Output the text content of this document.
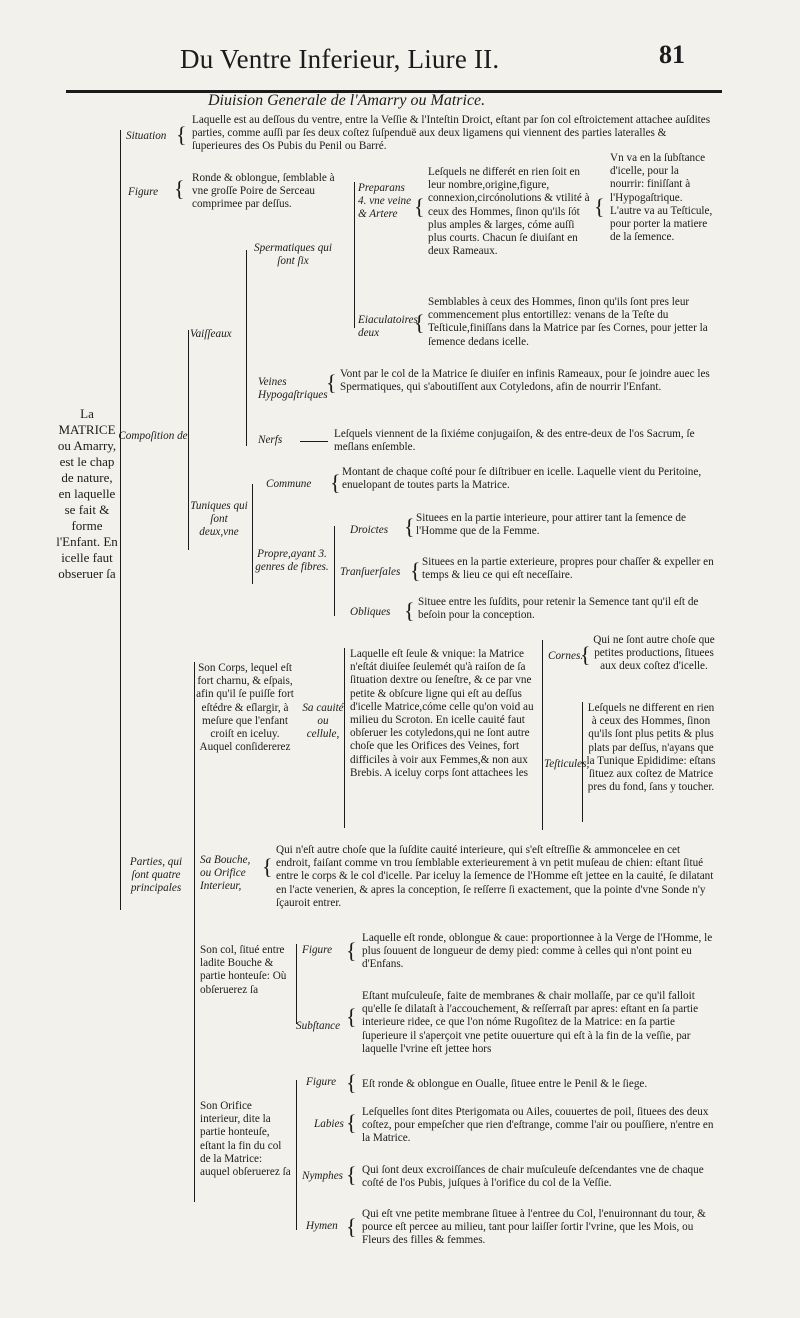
Du Ventre Inferieur, Liure II.	81
Diuision Generale de l'Amarry ou Matrice.
La MATRICE ou Amarry, est le chap de nature, en laquelle se fait & forme l'Enfant. En icelle faut obseruer ſa
Situation {
Laquelle est au deſſous du ventre, entre la Veſſie & l'Inteſtin Droict, eſtant par ſon col eſtroictement attachee auſdites parties, comme auſſi par ſes deux coſtez ſuſpenduë aux deux ligamens qui viennent des parties lateralles & ſuperieures des Os Pubis du Penil ou Barré.
Figure { Ronde & oblongue, ſemblable à vne groſſe Poire de Serceau comprimee par deſſus.
Compoſition de
Vaiſſeaux
Spermatiques qui ſont ſix
Preparans 4. vne veine & Artere {
Leſquels ne differét en rien ſoit en leur nombre,origine,figure, connexion,circónolutions & vtilité à ceux des Hommes, ſinon qu'ils ſót plus amples & larges, cóme auſſi plus courts. Chacun ſe diuiſant en deux Rameaux.
{
Vn va en la ſubſtance d'icelle, pour la nourrir: finiſſant à l'Hypogaſtrique. L'autre va au Teſticule, pour porter la matiere de la ſemence.
Eiaculatoires deux	{
Semblables à ceux des Hommes, ſinon qu'ils ſont pres leur commencement plus entortillez: venans de la Teſte du Teſticule,finiſſans dans la Matrice par ſes Cornes, pour jetter la ſemence dedans icelle.
Veines Hypogaſtriques
{ Vont par le col de la Matrice ſe diuiſer en infinis Rameaux, pour ſe joindre auec les Spermatiques, qui s'aboutiſſent aux Cotyledons, afin de nourrir l'Enfant.
Nerfs	Leſquels viennent de la ſixiéme conjugaiſon, & des entre-deux de l'os Sacrum, ſe meſlans enſemble.
Tuniques qui ſont deux,vne
Commune { Montant de chaque coſté pour ſe diſtribuer en icelle. Laquelle vient du Peritoine, enuelopant de toutes parts la Matrice.
Propre,ayant 3. genres de fibres.
Droictes { Situees en la partie interieure, pour attirer tant la ſemence de l'Homme que de la Femme.
Tranſuerſales { Situees en la partie exterieure, propres pour chaſſer & expeller en temps & lieu ce qui eſt neceſſaire.
Obliques { Situee entre les ſuſdits, pour retenir la Semence tant qu'il eſt de beſoin pour la conception.
Parties, qui ſont quatre principales
Son Corps, lequel eſt fort charnu, & eſpais, afin qu'il ſe puiſſe fort eſtédre & eſlargir, à meſure que l'enfant croiſt en iceluy. Auquel conſidererez
Sa cauité ou cellule,
Laquelle eſt ſeule & vnique: la Matrice n'eſtát diuiſee ſeulemét qu'à raiſon de ſa ſituation dextre ou ſeneſtre, & ce par vne petite & obſcure ligne qui eſt au deſſus d'icelle Matrice,cóme celle qu'on void au milieu du Scroton. En icelle cauité faut obſeruer les cotyledons,qui ne ſont autre choſe que les Orifices des Veines, fort difficiles à voir aux Femmes,& non aux Brebis. A iceluy corps ſont attachees les
Cornes.
{
Qui ne ſont autre choſe que petites productions, ſituees aux deux coſtez d'icelle.
Teſticules,
Leſquels ne different en rien à ceux des Hommes, ſinon qu'ils ſont plus petits & plus plats par deſſus, n'ayans que la Tunique Epididime: eſtans ſituez aux coſtez de Matrice pres du fond, ſans y toucher.
Sa Bouche, ou Orifice Interieur,
{
Qui n'eſt autre choſe que la ſuſdite cauité interieure, qui s'eſt eſtreſſie & ammoncelee en cet endroit, faiſant comme vn trou ſemblable exterieurement à vn petit muſeau de chien: eſtant ſitué entre le corps & le col d'icelle. Par iceluy la ſemence de l'Homme eſt jettee en la cauité, ſe dilatant en l'acte venerien, & apres la conception, ſe reſſerre ſi exactement, que la pointe d'vne Sonde n'y ſçauroit entrer.
Son col, ſitué entre ladite Bouche & partie honteuſe: Où obſeruerez ſa
Figure { Laquelle eſt ronde, oblongue & caue: proportionnee à la Verge de l'Homme, le plus ſouuent de longueur de demy pied: comme à celles qui n'ont point eu d'Enfans.
Subſtance {
Eſtant muſculeuſe, faite de membranes & chair mollaſſe, par ce qu'il falloit qu'elle ſe dilataſt à l'accouchement, & reſſerraſt par apres: eſtant en ſa partie interieure ridee, ce que l'on nóme Rugoſitez de la Matrice: en ſa partie ſuperieure il s'aperçoit vne petite ouuerture qui eſt à la fin de la veſſie, par laquelle l'vrine eſt jettee hors
Son Orifice interieur, dite la partie honteuſe, eſtant la fin du col de la Matrice: auquel obſeruerez ſa
Figure { Eſt ronde & oblongue en Oualle, ſituee entre le Penil & le ſiege.
Labies { Leſquelles ſont dites Pterigomata ou Ailes, couuertes de poil, ſituees des deux coſtez, pour empeſcher que rien d'eſtrange, comme l'air ou pouſſiere, n'entre en la Matrice.
Nymphes { Qui ſont deux excroiſſances de chair muſculeuſe deſcendantes vne de chaque coſté de l'os Pubis, juſques à l'orifice du col de la Veſſie.
Hymen { Qui eſt vne petite membrane ſituee à l'entree du Col, l'enuironnant du tour, & pource eſt percee au milieu, tant pour laiſſer ſortir l'vrine, que les Mois, ou Fleurs des filles & femmes.
